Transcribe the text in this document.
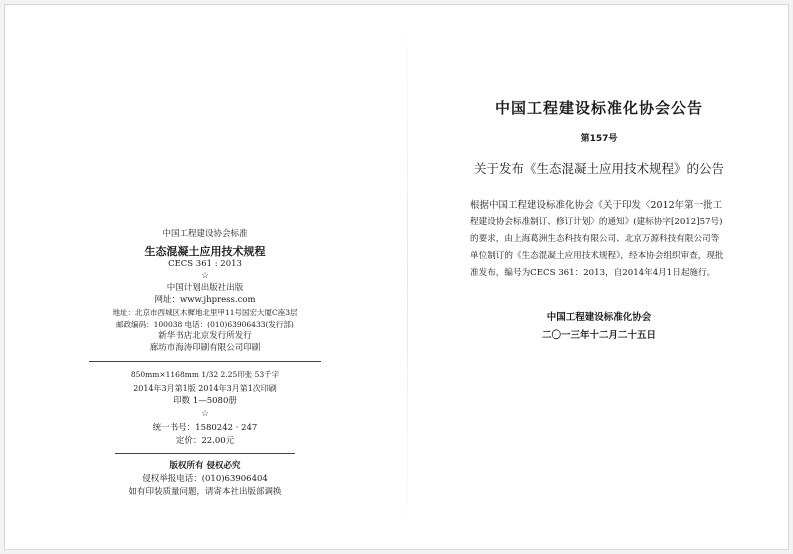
中国工程建设协会标准
生态混凝土应用技术规程
CECS 361 : 2013
☆
中国计划出版社出版
网址：www.jhpress.com
地址：北京市西城区木樨地北里甲11号国宏大厦C座3层
邮政编码：100038 电话：(010)63906433(发行部)
新华书店北京发行所发行
廊坊市海涛印刷有限公司印刷
850mm×1168mm 1/32 2.25印张 53千字
2014年3月第1版 2014年3月第1次印刷
印数 1—5080册
☆
统一书号：1580242 · 247
定价：22.00元
版权所有 侵权必究
侵权举报电话：(010)63906404
如有印装质量问题，请寄本社出版部调换
中国工程建设标准化协会公告
第157号
关于发布《生态混凝土应用技术规程》的公告

根据中国工程建设标准化协会《关于印发〈2012年第一批工

程建设协会标准制订、修订计划〉的通知》(建标协字[2012]57号)

的要求，由上海葛洲生态科技有限公司、北京万源科技有限公司等

单位制订的《生态混凝土应用技术规程》，经本协会组织审查，现批

准发布，编号为CECS 361：2013，自2014年4月1日起施行。

中国工程建设标准化协会
二〇一三年十二月二十五日
